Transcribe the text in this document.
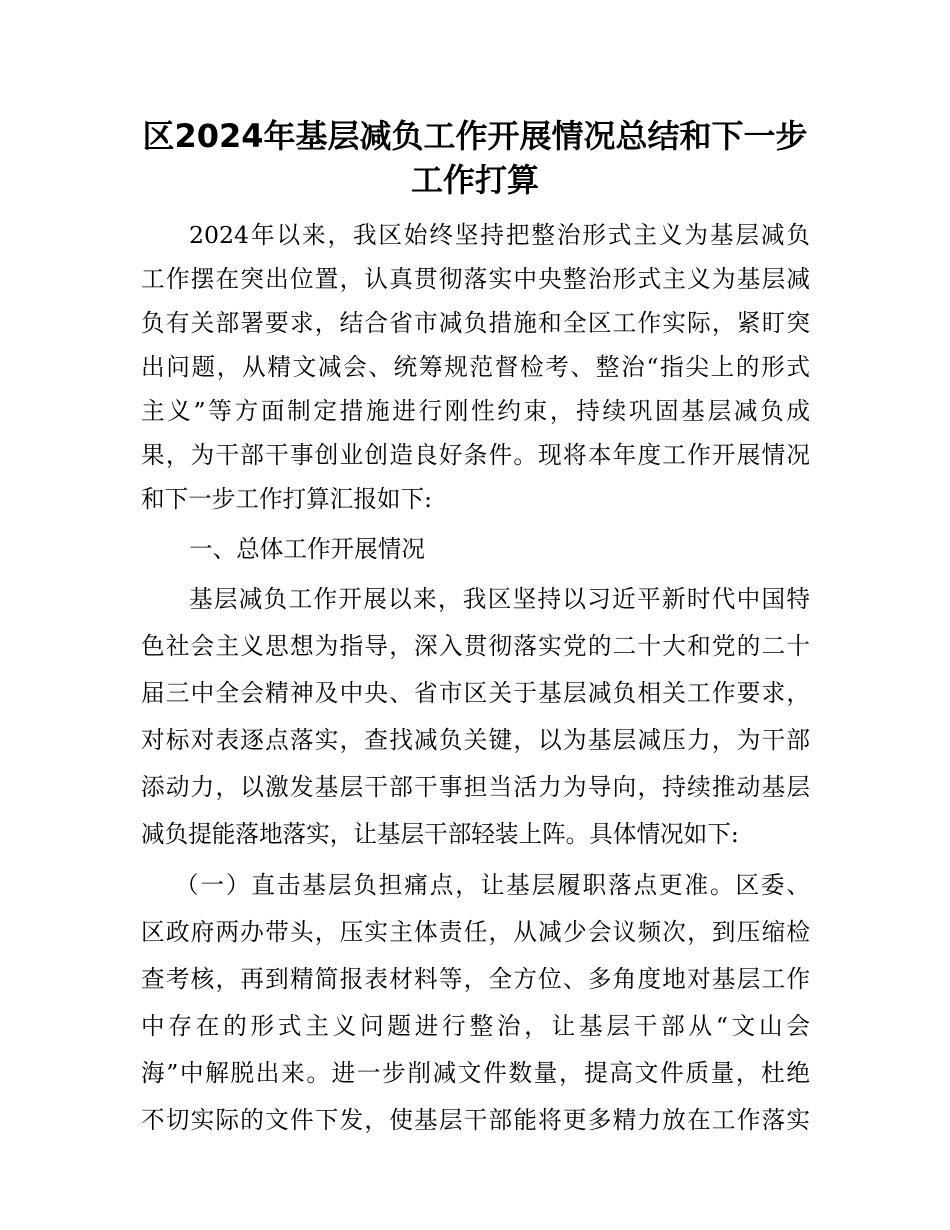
区2024年基层减负工作开展情况总结和下一步
工作打算
2024年以来，我区始终坚持把整治形式主义为基层减负
工作摆在突出位置，认真贯彻落实中央整治形式主义为基层减
负有关部署要求，结合省市减负措施和全区工作实际，紧盯突
出问题，从精文减会、统筹规范督检考、整治“指尖上的形式
主义”等方面制定措施进行刚性约束，持续巩固基层减负成
果，为干部干事创业创造良好条件。现将本年度工作开展情况
和下一步工作打算汇报如下:
一、总体工作开展情况
基层减负工作开展以来，我区坚持以习近平新时代中国特
色社会主义思想为指导，深入贯彻落实党的二十大和党的二十
届三中全会精神及中央、省市区关于基层减负相关工作要求，
对标对表逐点落实，查找减负关键，以为基层减压力，为干部
添动力，以激发基层干部干事担当活力为导向，持续推动基层
减负提能落地落实，让基层干部轻装上阵。具体情况如下:
（一）直击基层负担痛点，让基层履职落点更准。区委、
区政府两办带头，压实主体责任，从减少会议频次，到压缩检
查考核，再到精简报表材料等，全方位、多角度地对基层工作
中存在的形式主义问题进行整治，让基层干部从“文山会
海”中解脱出来。进一步削减文件数量，提高文件质量，杜绝
不切实际的文件下发，使基层干部能将更多精力放在工作落实
